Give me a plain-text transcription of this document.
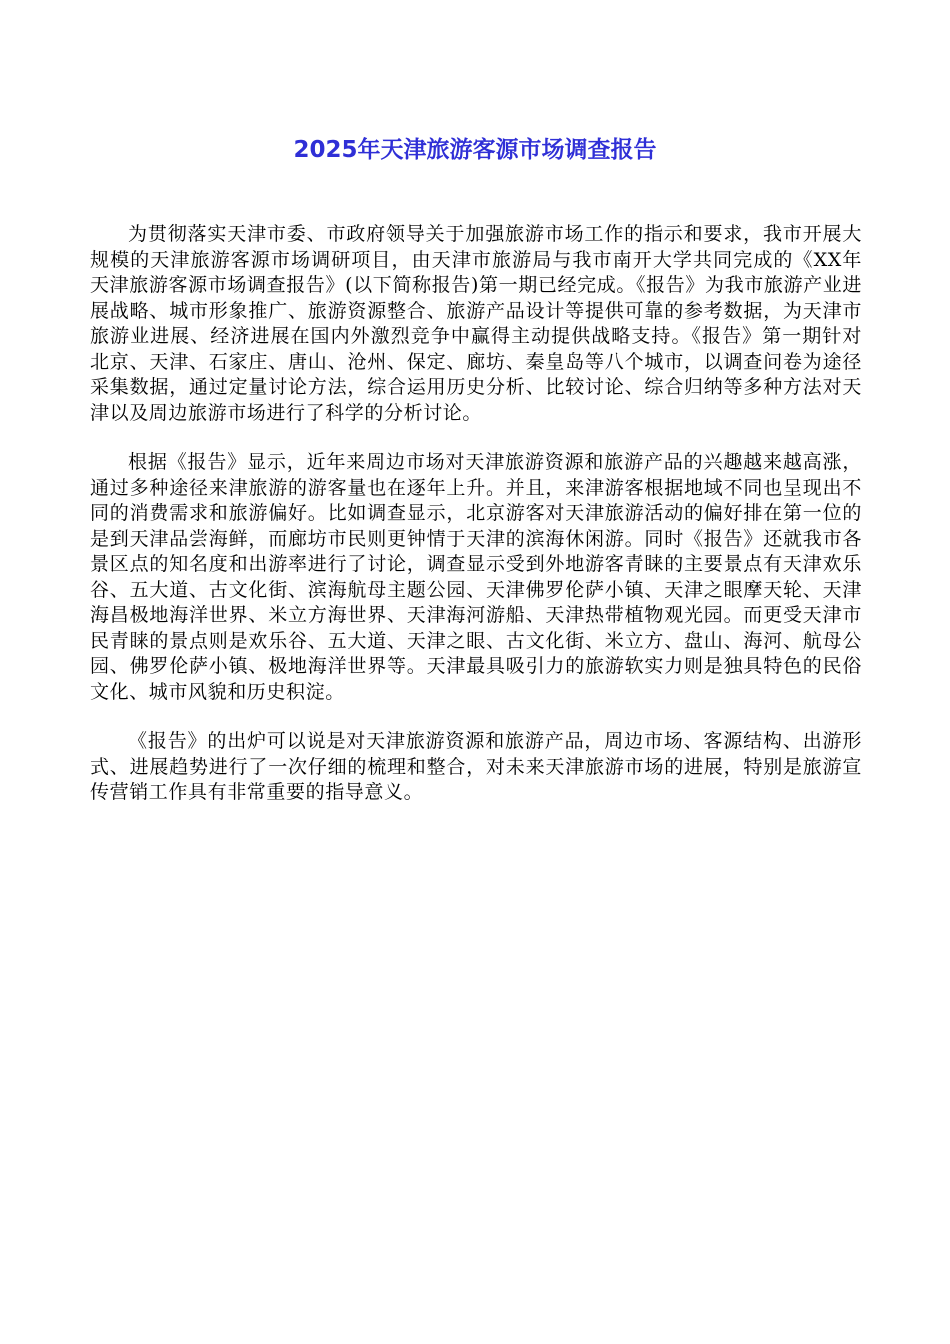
2025年天津旅游客源市场调查报告

为贯彻落实天津市委、市政府领导关于加强旅游市场工作的指示和要求，我市开展大规模的天津旅游客源市场调研项目，由天津市旅游局与我市南开大学共同完成的《XX年天津旅游客源市场调查报告》(以下简称报告)第一期已经完成。《报告》为我市旅游产业进展战略、城市形象推广、旅游资源整合、旅游产品设计等提供可靠的参考数据，为天津市旅游业进展、经济进展在国内外激烈竞争中赢得主动提供战略支持。《报告》第一期针对北京、天津、石家庄、唐山、沧州、保定、廊坊、秦皇岛等八个城市，以调查问卷为途径采集数据，通过定量讨论方法，综合运用历史分析、比较讨论、综合归纳等多种方法对天津以及周边旅游市场进行了科学的分析讨论。

根据《报告》显示，近年来周边市场对天津旅游资源和旅游产品的兴趣越来越高涨，通过多种途径来津旅游的游客量也在逐年上升。并且，来津游客根据地域不同也呈现出不同的消费需求和旅游偏好。比如调查显示，北京游客对天津旅游活动的偏好排在第一位的是到天津品尝海鲜，而廊坊市民则更钟情于天津的滨海休闲游。同时《报告》还就我市各景区点的知名度和出游率进行了讨论，调查显示受到外地游客青睐的主要景点有天津欢乐谷、五大道、古文化街、滨海航母主题公园、天津佛罗伦萨小镇、天津之眼摩天轮、天津海昌极地海洋世界、米立方海世界、天津海河游船、天津热带植物观光园。而更受天津市民青睐的景点则是欢乐谷、五大道、天津之眼、古文化街、米立方、盘山、海河、航母公园、佛罗伦萨小镇、极地海洋世界等。天津最具吸引力的旅游软实力则是独具特色的民俗文化、城市风貌和历史积淀。

《报告》的出炉可以说是对天津旅游资源和旅游产品，周边市场、客源结构、出游形式、进展趋势进行了一次仔细的梳理和整合，对未来天津旅游市场的进展，特别是旅游宣传营销工作具有非常重要的指导意义。
